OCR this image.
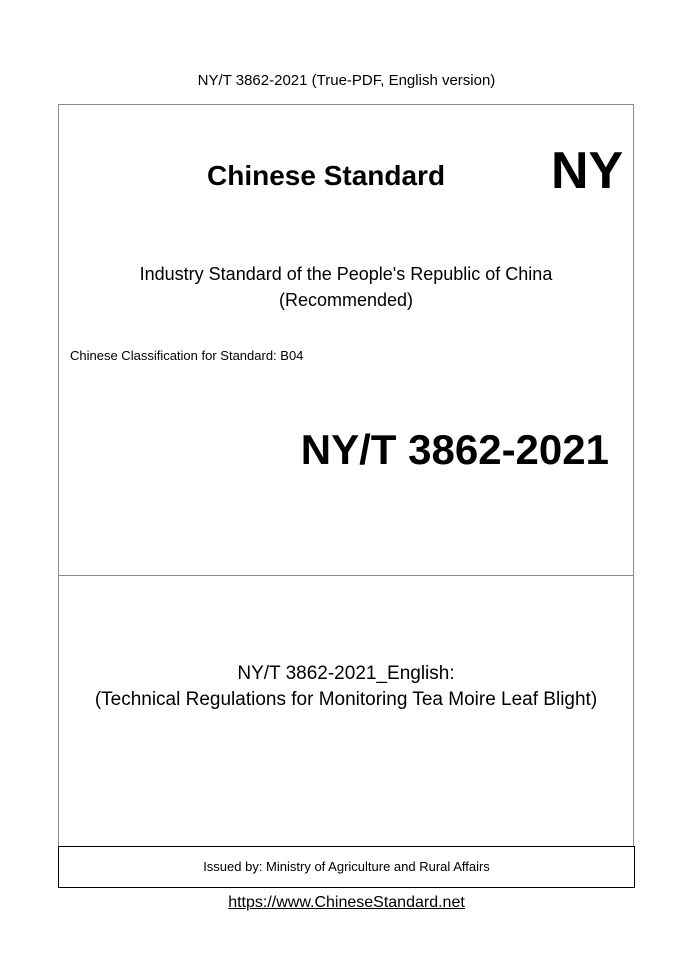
NY/T 3862-2021 (True-PDF, English version)
Chinese Standard NY
Industry Standard of the People's Republic of China
(Recommended)
Chinese Classification for Standard: B04
NY/T 3862-2021
NY/T 3862-2021_English:
(Technical Regulations for Monitoring Tea Moire Leaf Blight)
Issued by: Ministry of Agriculture and Rural Affairs
https://www.ChineseStandard.net
